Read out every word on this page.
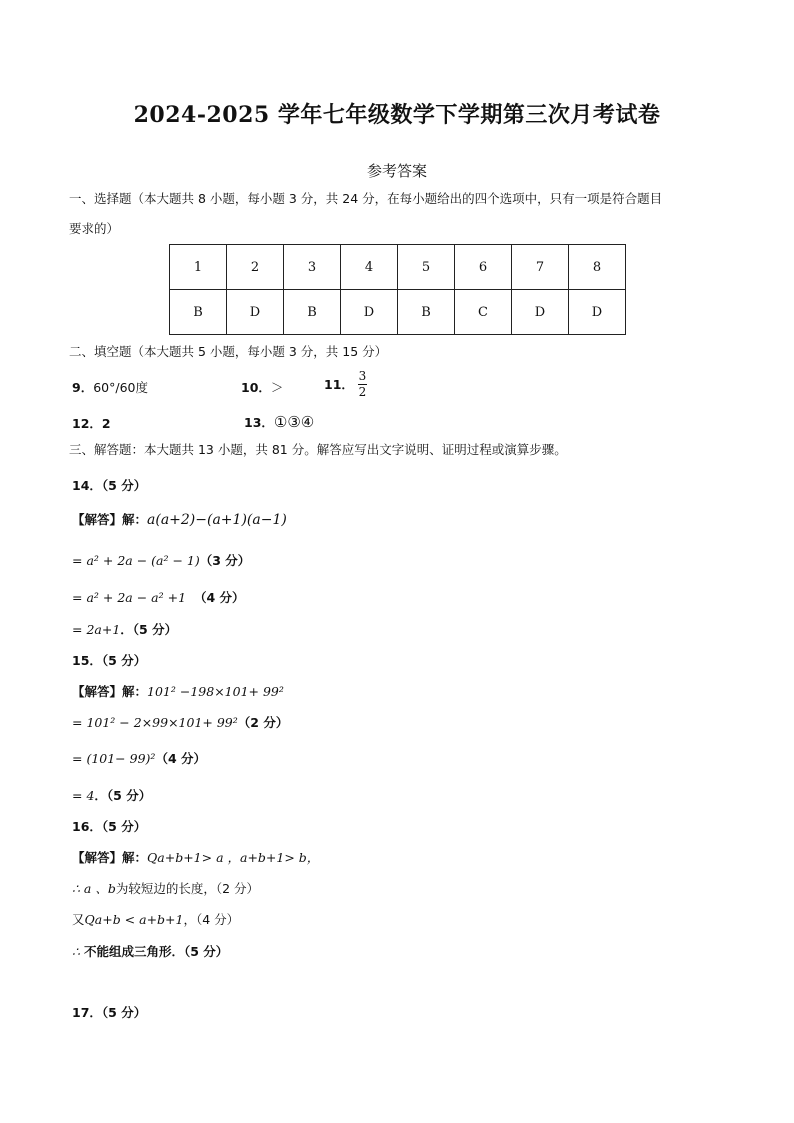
2024-2025 学年七年级数学下学期第三次月考试卷
参考答案
一、选择题（本大题共 8 小题，每小题 3 分，共 24 分，在每小题给出的四个选项中，只有一项是符合题目
要求的）
1	2	3	4	5	6	7	8
B	D	B	D	B	C	D	D
二、填空题（本大题共 5 小题，每小题 3 分，共 15 分）
9．60°/60度	10．＞	11． $\frac{3}{2}$
12．2	13．①③④
三、解答题：本大题共 13 小题，共 81 分。解答应写出文字说明、证明过程或演算步骤。
14．（5 分）
【解答】解：a(a+2)−(a+1)(a−1)
= a² + 2a − (a² − 1)（3 分）
= a² + 2a − a² +1 （4 分）
= 2a+1．（5 分）
15．（5 分）
【解答】解：101² −198×101+ 99²
= 101² − 2×99×101+ 99²（2 分）
= (101− 99)²（4 分）
= 4．（5 分）
16．（5 分）
【解答】解：Qa+b+1> a ，a+b+1> b，
∴ a 、b为较短边的长度，（2 分）
又Qa+b < a+b+1，（4 分）
∴ 不能组成三角形．（5 分）
17．（5 分）
